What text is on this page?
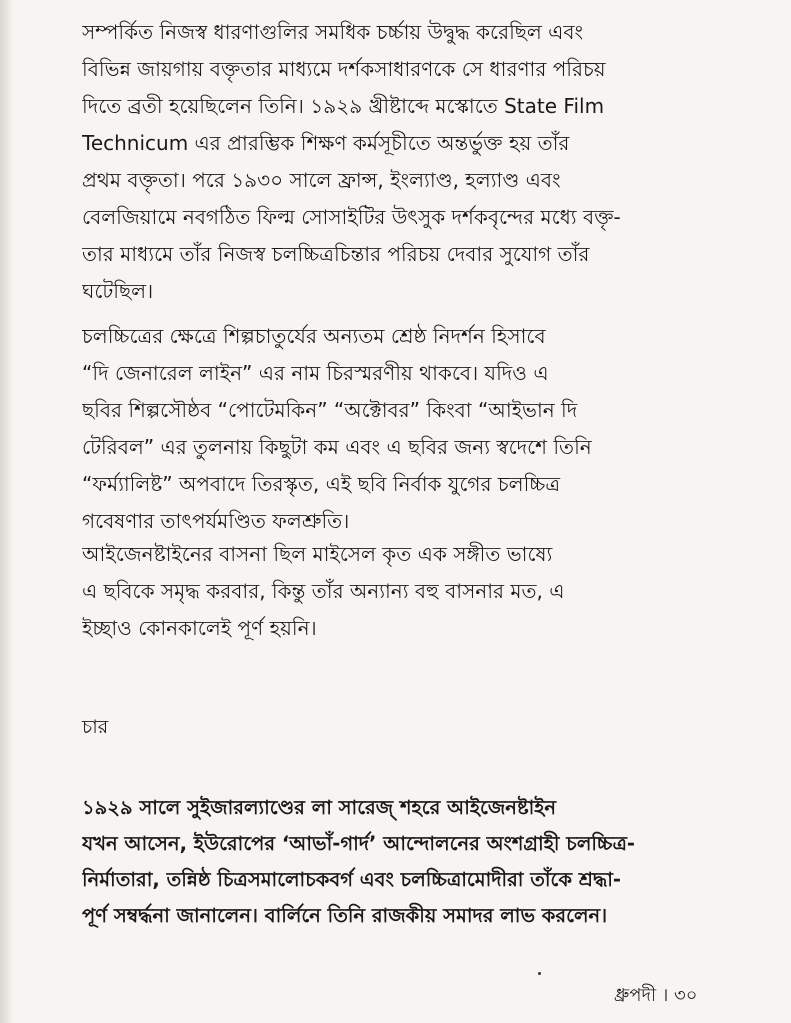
সম্পর্কিত নিজস্ব ধারণাগুলির সমধিক চর্চ্চায় উদ্বুদ্ধ করেছিল এবং
বিভিন্ন জায়গায় বক্তৃতার মাধ্যমে দর্শকসাধারণকে সে ধারণার পরিচয়
দিতে ব্রতী হয়েছিলেন তিনি। ১৯২৯ খ্রীষ্টাব্দে মস্কোতে State Film
Technicum এর প্রারম্ভিক শিক্ষণ কর্মসূচীতে অন্তর্ভুক্ত হয় তাঁর
প্রথম বক্তৃতা। পরে ১৯৩০ সালে ফ্রান্স, ইংল্যাণ্ড, হল্যাণ্ড এবং
বেলজিয়ামে নবগঠিত ফিল্ম সোসাইটির উৎসুক দর্শকবৃন্দের মধ্যে বক্তৃ-
তার মাধ্যমে তাঁর নিজস্ব চলচ্চিত্রচিন্তার পরিচয় দেবার সুযোগ তাঁর
ঘটেছিল।

চলচ্চিত্রের ক্ষেত্রে শিল্পচাতুর্যের অন্যতম শ্রেষ্ঠ নিদর্শন হিসাবে
“দি জেনারেল লাইন” এর নাম চিরস্মরণীয় থাকবে। যদিও এ
ছবির শিল্পসৌষ্ঠব “পোটেমকিন” “অক্টোবর” কিংবা “আইভান দি
টেরিবল” এর তুলনায় কিছুটা কম এবং এ ছবির জন্য স্বদেশে তিনি
“ফর্ম্যালিষ্ট” অপবাদে তিরস্কৃত, এই ছবি নির্বাক যুগের চলচ্চিত্র
গবেষণার তাৎপর্যমণ্ডিত ফলশ্রুতি।

আইজেনষ্টাইনের বাসনা ছিল মাইসেল কৃত এক সঙ্গীত ভাষ্যে
এ ছবিকে সমৃদ্ধ করবার, কিন্তু তাঁর অন্যান্য বহু বাসনার মত, এ
ইচ্ছাও কোনকালেই পূর্ণ হয়নি।

চার

১৯২৯ সালে সুইজারল্যাণ্ডের লা সারেজ্ শহরে আইজেনষ্টাইন
যখন আসেন, ইউরোপের ‘আভাঁ-গার্দ’ আন্দোলনের অংশগ্রাহী চলচ্চিত্র-
নির্মাতারা, তন্নিষ্ঠ চিত্রসমালোচকবর্গ এবং চলচ্চিত্রামোদীরা তাঁকে শ্রদ্ধা-
পূর্ণ সম্বর্দ্ধনা জানালেন। বার্লিনে তিনি রাজকীয় সমাদর লাভ করলেন।

ধ্রুপদী । ৩০
